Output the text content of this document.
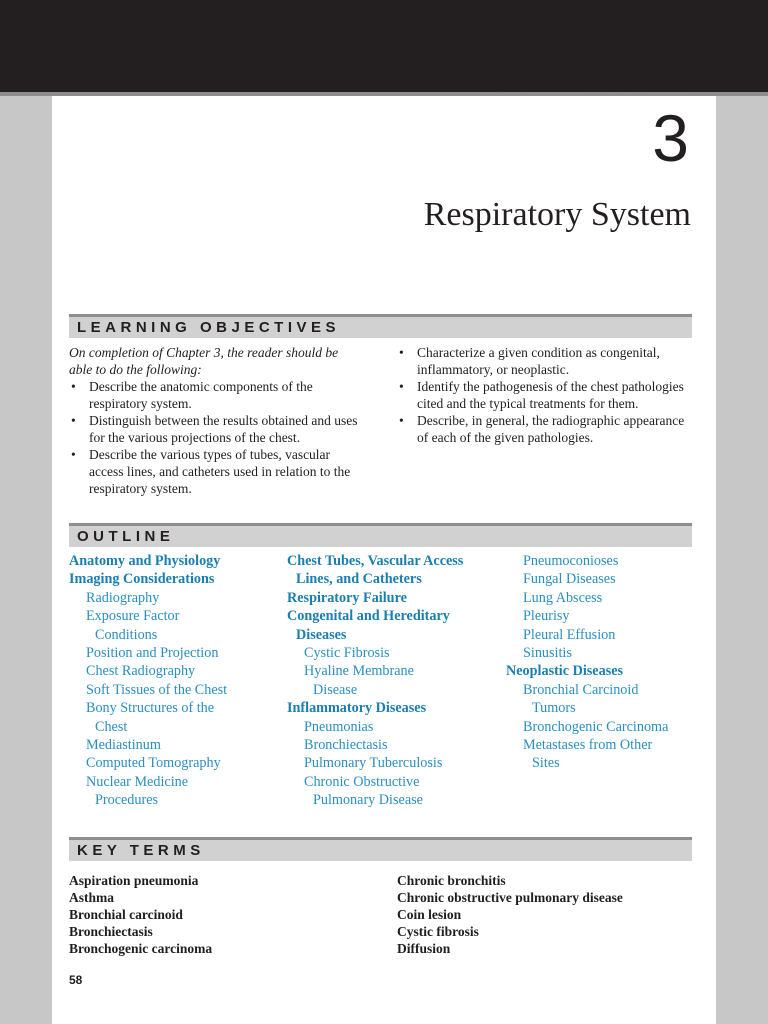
CHAPTER
3
Respiratory System
LEARNING OBJECTIVES

On completion of Chapter 3, the reader should be able to do the following:

• Describe the anatomic components of the respiratory system.
• Distinguish between the results obtained and uses for the various projections of the chest.
• Describe the various types of tubes, vascular access lines, and catheters used in relation to the respiratory system.
• Characterize a given condition as congenital, inflammatory, or neoplastic.
• Identify the pathogenesis of the chest pathologies cited and the typical treatments for them.
• Describe, in general, the radiographic appearance of each of the given pathologies.
OUTLINE
Anatomy and Physiology
Imaging Considerations
Radiography
Exposure Factor
Conditions
Position and Projection
Chest Radiography
Soft Tissues of the Chest
Bony Structures of the
Chest
Mediastinum
Computed Tomography
Nuclear Medicine
Procedures
Chest Tubes, Vascular Access
Lines, and Catheters
Respiratory Failure
Congenital and Hereditary
Diseases
Cystic Fibrosis
Hyaline Membrane
Disease
Inflammatory Diseases
Pneumonias
Bronchiectasis
Pulmonary Tuberculosis
Chronic Obstructive
Pulmonary Disease
Pneumoconioses
Fungal Diseases
Lung Abscess
Pleurisy
Pleural Effusion
Sinusitis
Neoplastic Diseases
Bronchial Carcinoid
Tumors
Bronchogenic Carcinoma
Metastases from Other
Sites
KEY TERMS
Aspiration pneumonia
Asthma
Bronchial carcinoid
Bronchiectasis
Bronchogenic carcinoma
Chronic bronchitis
Chronic obstructive pulmonary disease
Coin lesion
Cystic fibrosis
Diffusion
58
